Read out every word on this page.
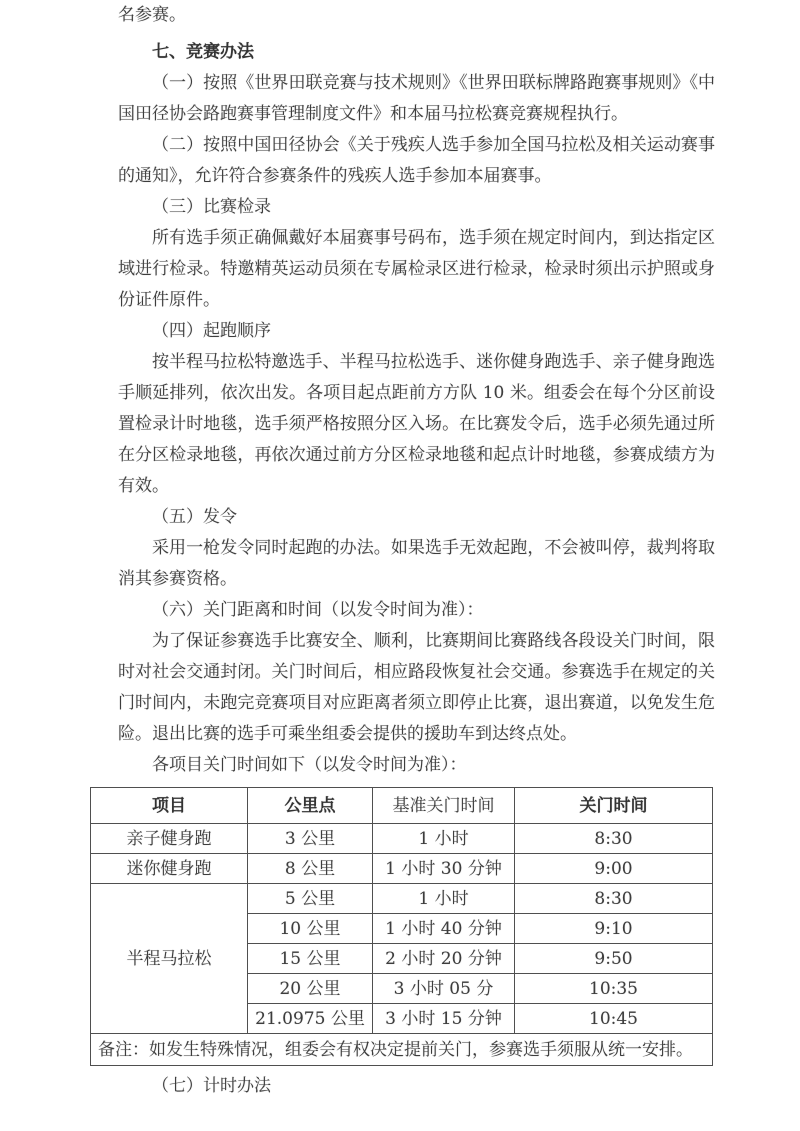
名参赛。

七、竞赛办法

（一）按照《世界田联竞赛与技术规则》《世界田联标牌路跑赛事规则》《中国田径协会路跑赛事管理制度文件》和本届马拉松赛竞赛规程执行。

（二）按照中国田径协会《关于残疾人选手参加全国马拉松及相关运动赛事的通知》，允许符合参赛条件的残疾人选手参加本届赛事。

（三）比赛检录

所有选手须正确佩戴好本届赛事号码布，选手须在规定时间内，到达指定区域进行检录。特邀精英运动员须在专属检录区进行检录，检录时须出示护照或身份证件原件。

（四）起跑顺序

按半程马拉松特邀选手、半程马拉松选手、迷你健身跑选手、亲子健身跑选手顺延排列，依次出发。各项目起点距前方方队 10 米。组委会在每个分区前设置检录计时地毯，选手须严格按照分区入场。在比赛发令后，选手必须先通过所在分区检录地毯，再依次通过前方分区检录地毯和起点计时地毯，参赛成绩方为有效。

（五）发令

采用一枪发令同时起跑的办法。如果选手无效起跑，不会被叫停，裁判将取消其参赛资格。

（六）关门距离和时间（以发令时间为准）：

为了保证参赛选手比赛安全、顺利，比赛期间比赛路线各段设关门时间，限时对社会交通封闭。关门时间后，相应路段恢复社会交通。参赛选手在规定的关门时间内，未跑完竞赛项目对应距离者须立即停止比赛，退出赛道，以免发生危险。退出比赛的选手可乘坐组委会提供的援助车到达终点处。

各项目关门时间如下（以发令时间为准）：

项目	公里点	基准关门时间	关门时间
亲子健身跑	3 公里	1 小时	8:30
迷你健身跑	8 公里	1 小时 30 分钟	9:00
半程马拉松	5 公里	1 小时	8:30
	10 公里	1 小时 40 分钟	9:10
	15 公里	2 小时 20 分钟	9:50
	20 公里	3 小时 05 分	10:35
	21.0975 公里	3 小时 15 分钟	10:45
备注：如发生特殊情况，组委会有权决定提前关门，参赛选手须服从统一安排。			

（七）计时办法
